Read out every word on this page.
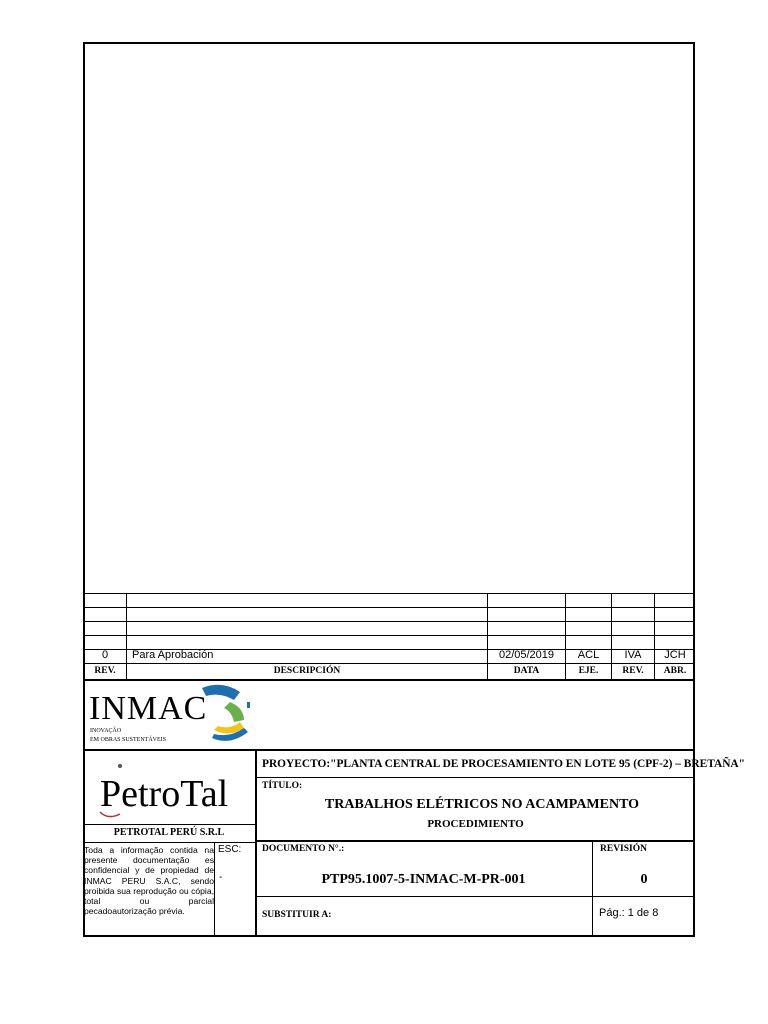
0	Para Aprobación	02/05/2019	ACL	IVA	JCH
REV.	DESCRIPCIÓN	DATA	EJE.	REV.	ABR.
INMAC
INOVAÇÃO
EM OBRAS SUSTENTÁVEIS
PetroTal
PETROTAL PERÚ S.R.L
Toda a informação contida na presente documentação es confidencial y de propiedad de INMAC PERU S.A.C, sendo proibida sua reprodução ou cópia, total ou parcial pecadoautorização prévia.
ESC:
-
PROYECTO:"PLANTA CENTRAL DE PROCESAMIENTO EN LOTE 95 (CPF-2) – BRETAÑA"
TÍTULO:
TRABALHOS ELÉTRICOS NO ACAMPAMENTO
PROCEDIMIENTO
DOCUMENTO N°.:
PTP95.1007-5-INMAC-M-PR-001
REVISIÓN
0
SUBSTITUIR A:	Pág.: 1 de 8
